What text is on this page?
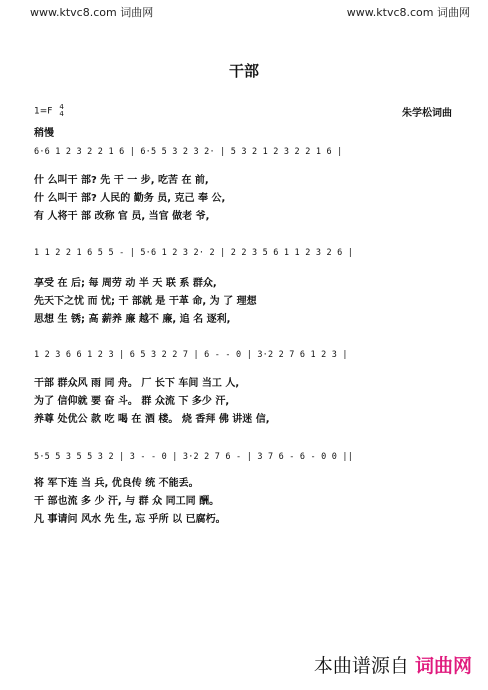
www.ktvc8.com 词曲网	www.ktvc8.com 词曲网
干部
1=F 4
4
稍慢
朱学松词曲
6·6 1 2 3 2 2 1 6 | 6·5 5 3 2 3 2· | 5 3 2 1 2 3 2 2 1 6 |
什 么叫干 部? 先 干 一 步, 吃苦 在 前,
什 么叫干 部? 人民的 勤务 员, 克己 奉 公,
有 人将干 部 改称 官 员, 当官 做老 爷,
1 1 2 2 1 6 5 5 - | 5·6 1 2 3 2· 2 | 2 2 3 5 6 1 1 2 3 2 6 |
享受 在 后; 每 周劳 动 半 天 联 系 群众,
先天下之忧 而 忧; 干 部就 是 干革 命, 为 了 理想
思想 生 锈; 高 薪养 廉 越不 廉, 追 名 逐利,
1 2 3 6 6 1 2 3 | 6 5 3 2 2 7 | 6 - - 0 | 3·2 2 7 6 1 2 3 |
干部 群众风 雨 同 舟。 厂 长下 车间 当工 人,
为了 信仰就 要 奋 斗。 群 众流 下 多少 汗,
养尊 处优公 款 吃 喝 在 酒 楼。 烧 香拜 佛 讲迷 信,
5·5 5 3 5 5 3 2 | 3 - - 0 | 3·2 2 7 6 - | 3 7 6 - 6 - 0 0 ||
将 军下连 当 兵, 优良传 统 不能丢。
干 部也流 多 少 汗, 与 群 众 同工同 酬。
凡 事请问 风水 先 生, 忘 乎所 以 已腐朽。
本曲谱源自 词曲网
